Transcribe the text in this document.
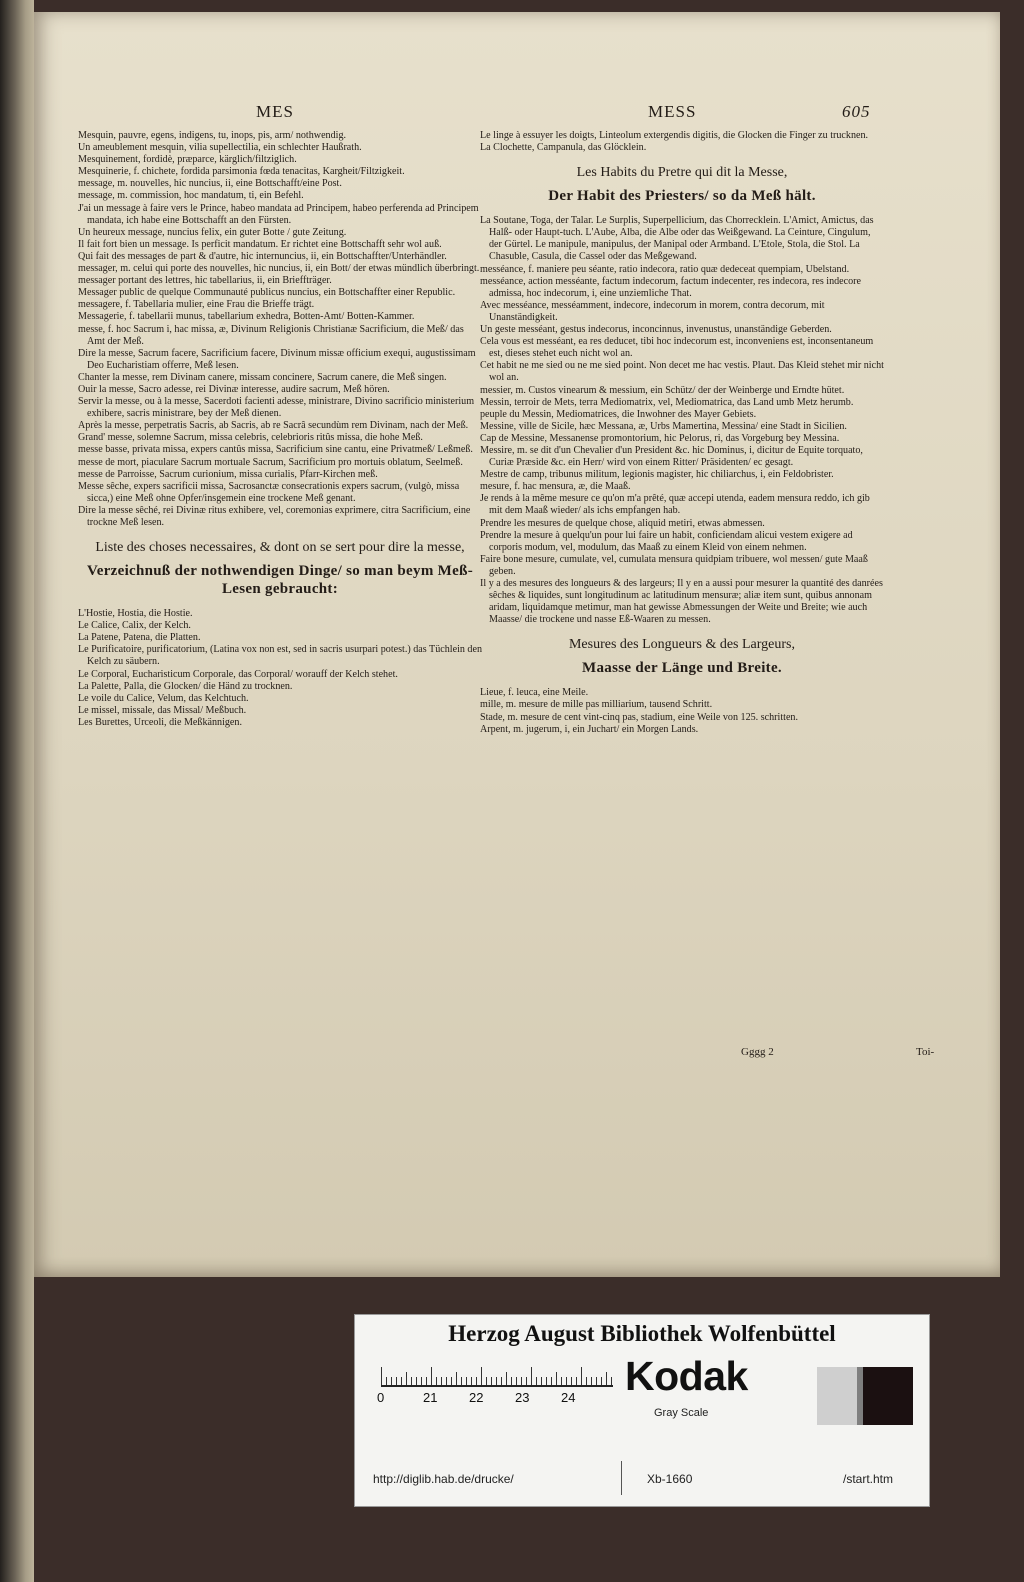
MES	MESS	605
Mesquin, pauvre, egens, indigens, tu, inops, pis, arm/ nothwendig.
Un ameublement mesquin, vilia supellectilia, ein schlechter Haußrath.
Mesquinement, fordidè, præparce, kärglich/filtziglich.
Mesquinerie, f. chichete, fordida parsimonia fœda tenacitas, Kargheit/Filtzigkeit.
message, m. nouvelles, hic nuncius, ii, eine Bottschafft/eine Post.
message, m. commission, hoc mandatum, ti, ein Befehl.
J'ai un message à faire vers le Prince, habeo mandata ad Principem, habeo perferenda ad Principem mandata, ich habe eine Bottschafft an den Fürsten.
Un heureux message, nuncius felix, ein guter Botte / gute Zeitung.
Il fait fort bien un message. Is perficit mandatum. Er richtet eine Bottschafft sehr wol auß.
Qui fait des messages de part & d'autre, hic internuncius, ii, ein Bottschaffter/Unterhändler.
messager, m. celui qui porte des nouvelles, hic nuncius, ii, ein Bott/ der etwas mündlich überbringt.
messager portant des lettres, hic tabellarius, ii, ein Brieffträger.
Messager public de quelque Communauté publicus nuncius, ein Bottschaffter einer Republic.
messagere, f. Tabellaria mulier, eine Frau die Brieffe trägt.
Messagerie, f. tabellarii munus, tabellarium exhedra, Botten-Amt/ Botten-Kammer.
messe, f. hoc Sacrum i, hac missa, æ, Divinum Religionis Christianæ Sacrificium, die Meß/ das Amt der Meß.
Dire la messe, Sacrum facere, Sacrificium facere, Divinum missæ officium exequi, augustissimam Deo Eucharistiam offerre, Meß lesen.
Chanter la messe, rem Divinam canere, missam concinere, Sacrum canere, die Meß singen.
Ouir la messe, Sacro adesse, rei Divinæ interesse, audire sacrum, Meß hören.
Servir la messe, ou à la messe, Sacerdoti facienti adesse, ministrare, Divino sacrificio ministerium exhibere, sacris ministrare, bey der Meß dienen.
Après la messe, perpetratis Sacris, ab Sacris, ab re Sacrâ secundùm rem Divinam, nach der Meß.
Grand' messe, solemne Sacrum, missa celebris, celebrioris ritûs missa, die hohe Meß.
messe basse, privata missa, expers cantûs missa, Sacrificium sine cantu, eine Privatmeß/ Leßmeß.
messe de mort, piaculare Sacrum mortuale Sacrum, Sacrificium pro mortuis oblatum, Seelmeß.
messe de Parroisse, Sacrum curionium, missa curialis, Pfarr-Kirchen meß.
Messe sêche, expers sacrificii missa, Sacrosanctæ consecrationis expers sacrum, (vulgò, missa sicca,) eine Meß ohne Opfer/insgemein eine trockene Meß genant.
Dire la messe sêché, rei Divinæ ritus exhibere, vel, coremonias exprimere, citra Sacrificium, eine trockne Meß lesen.
Liste des choses necessaires, & dont on se sert pour dire la messe,
Verzeichnuß der nothwendigen Dinge/ so man beym Meß-Lesen gebraucht:
L'Hostie, Hostia, die Hostie.
Le Calice, Calix, der Kelch.
La Patene, Patena, die Platten.
Le Purificatoire, purificatorium, (Latina vox non est, sed in sacris usurpari potest.) das Tüchlein den Kelch zu säubern.
Le Corporal, Eucharisticum Corporale, das Corporal/ worauff der Kelch stehet.
La Palette, Palla, die Glocken/ die Händ zu trocknen.
Le voile du Calice, Velum, das Kelchtuch.
Le missel, missale, das Missal/ Meßbuch.
Les Burettes, Urceoli, die Meßkännigen.
Le linge à essuyer les doigts, Linteolum extergendis digitis, die Glocken die Finger zu trucknen.
La Clochette, Campanula, das Glöcklein.
Les Habits du Pretre qui dit la Messe,
Der Habit des Priesters/ so da Meß hält.
La Soutane, Toga, der Talar. Le Surplis, Superpellicium, das Chorrecklein. L'Amict, Amictus, das Halß- oder Haupt-tuch. L'Aube, Alba, die Albe oder das Weißgewand. La Ceinture, Cingulum, der Gürtel. Le manipule, manipulus, der Manipal oder Armband. L'Etole, Stola, die Stol. La Chasuble, Casula, die Cassel oder das Meßgewand.
messéance, f. maniere peu séante, ratio indecora, ratio quæ dedeceat quempiam, Ubelstand.
messéance, action messéante, factum indecorum, factum indecenter, res indecora, res indecore admissa, hoc indecorum, i, eine unziemliche That.
Avec messéance, messéamment, indecore, indecorum in morem, contra decorum, mit Unanständigkeit.
Un geste messéant, gestus indecorus, inconcinnus, invenustus, unanständige Geberden.
Cela vous est messéant, ea res deducet, tibi hoc indecorum est, inconveniens est, inconsentaneum est, dieses stehet euch nicht wol an.
Cet habit ne me sied ou ne me sied point. Non decet me hac vestis. Plaut. Das Kleid stehet mir nicht wol an.
messier, m. Custos vinearum & messium, ein Schütz/ der der Weinberge und Erndte hütet.
Messin, terroir de Mets, terra Mediomatrix, vel, Mediomatrica, das Land umb Metz herumb.
peuple du Messin, Mediomatrices, die Inwohner des Mayer Gebiets.
Messine, ville de Sicile, hæc Messana, æ, Urbs Mamertina, Messina/ eine Stadt in Sicilien.
Cap de Messine, Messanense promontorium, hic Pelorus, ri, das Vorgeburg bey Messina.
Messire, m. se dit d'un Chevalier d'un President &c. hic Dominus, i, dicitur de Equite torquato, Curiæ Præside &c. ein Herr/ wird von einem Ritter/ Präsidenten/ ec gesagt.
Mestre de camp, tribunus militum, legionis magister, hic chiliarchus, i, ein Feldobrister.
mesure, f. hac mensura, æ, die Maaß.
Je rends à la même mesure ce qu'on m'a prêté, quæ accepi utenda, eadem mensura reddo, ich gib mit dem Maaß wieder/ als ichs empfangen hab.
Prendre les mesures de quelque chose, aliquid metiri, etwas abmessen.
Prendre la mesure à quelqu'un pour lui faire un habit, conficiendam alicui vestem exigere ad corporis modum, vel, modulum, das Maaß zu einem Kleid von einem nehmen.
Faire bone mesure, cumulate, vel, cumulata mensura quidpiam tribuere, wol messen/ gute Maaß geben.
Il y a des mesures des longueurs & des largeurs; Il y en a aussi pour mesurer la quantité des danrées sêches & liquides, sunt longitudinum ac latitudinum mensuræ; aliæ item sunt, quibus annonam aridam, liquidamque metimur, man hat gewisse Abmessungen der Weite und Breite; wie auch Maasse/ die trockene und nasse Eß-Waaren zu messen.
Mesures des Longueurs & des Largeurs,
Maasse der Länge und Breite.
Lieue, f. leuca, eine Meile.
mille, m. mesure de mille pas milliarium, tausend Schritt.
Stade, m. mesure de cent vint-cinq pas, stadium, eine Weile von 125. schritten.
Arpent, m. jugerum, i, ein Juchart/ ein Morgen Lands.
Gggg 2	Toi-
Herzog August Bibliothek Wolfenbüttel
0	21 22 23 24 Kodak
Gray Scale
http://diglib.hab.de/drucke/	Xb-1660	/start.htm
